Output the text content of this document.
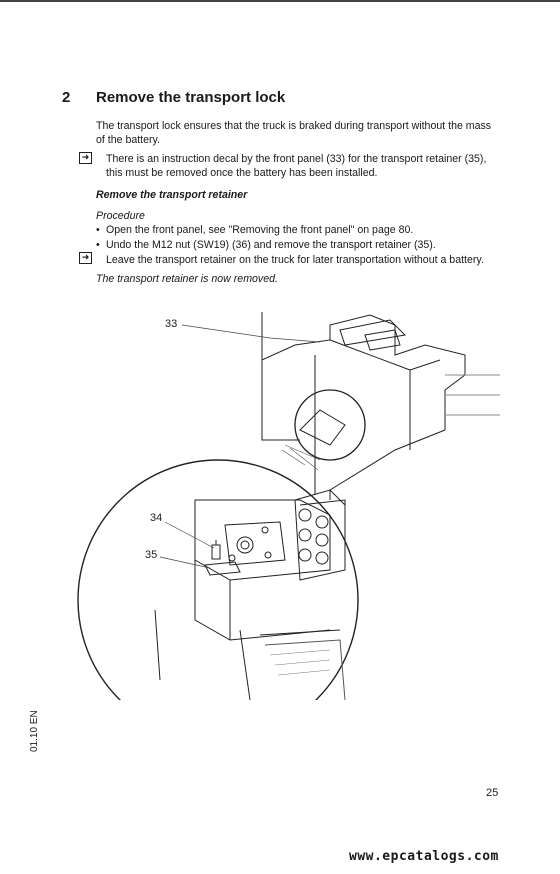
2 Remove the transport lock
The transport lock ensures that the truck is braked during transport without the mass
of the battery.
➜ There is an instruction decal by the front panel (33) for the transport retainer (35),
this must be removed once the battery has been installed.
Remove the transport retainer
Procedure
• Open the front panel, see "Removing the front panel" on page 80.
• Undo the M12 nut (SW19) (36) and remove the transport retainer (35).
➜ Leave the transport retainer on the truck for later transportation without a battery.
The transport retainer is now removed.
33
34
35
01.10 EN
25
www.epcatalogs.com
